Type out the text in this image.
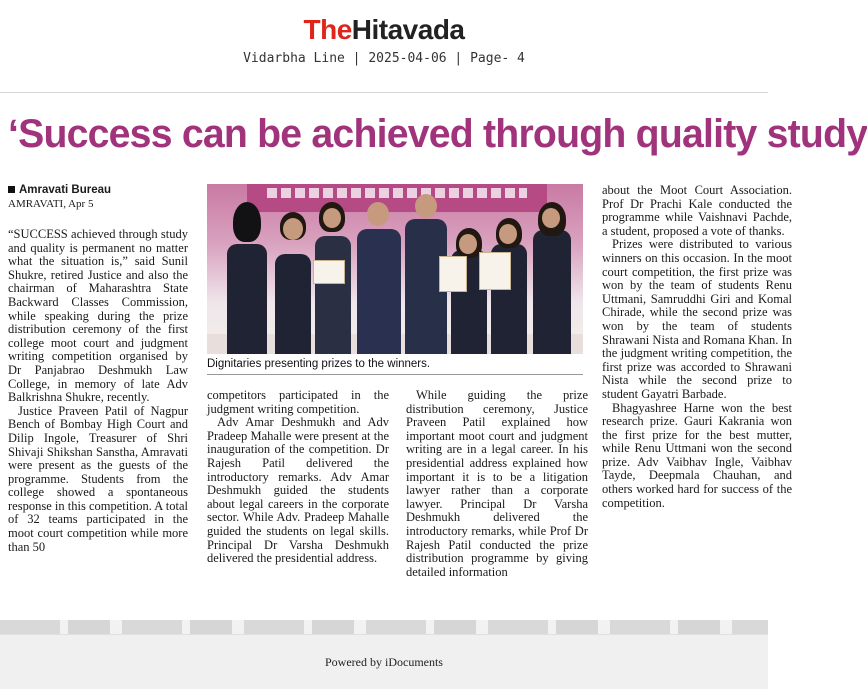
TheHitavada
Vidarbha Line | 2025-04-06 | Page- 4
‘Success can be achieved through quality study
Amravati Bureau
AMRAVATI, Apr 5

“SUCCESS achieved through study and quality is permanent no matter what the situation is,” said Sunil Shukre, retired Justice and also the chairman of Maharashtra State Backward Classes Commission, while speaking during the prize distribution ceremony of the first college moot court and judgment writing competition organised by Dr Panjabrao Deshmukh Law College, in memory of late Adv Balkrishna Shukre, recently.

Justice Praveen Patil of Nagpur Bench of Bombay High Court and Dilip Ingole, Treasurer of Shri Shivaji Shikshan Sanstha, Amravati were present as the guests of the programme. Students from the college showed a spontaneous response in this competition. A total of 32 teams participated in the moot court competition while more than 50

Dignitaries presenting prizes to the winners.

competitors participated in the judgment writing competition.

Adv Amar Deshmukh and Adv Pradeep Mahalle were present at the inauguration of the competition. Dr Rajesh Patil delivered the introductory remarks. Adv Amar Deshmukh guided the students about legal careers in the corporate sector. While Adv. Pradeep Mahalle guided the students on legal skills. Principal Dr Varsha Deshmukh delivered the presidential address.

While guiding the prize distribution ceremony, Justice Praveen Patil explained how important moot court and judgment writing are in a legal career. In his presidential address explained how important it is to be a litigation lawyer rather than a corporate lawyer. Principal Dr Varsha Deshmukh delivered the introductory remarks, while Prof Dr Rajesh Patil conducted the prize distribution programme by giving detailed information

about the Moot Court Association. Prof Dr Prachi Kale conducted the programme while Vaishnavi Pachde, a student, proposed a vote of thanks.

Prizes were distributed to various winners on this occasion. In the moot court competition, the first prize was won by the team of students Renu Uttmani, Samruddhi Giri and Komal Chirade, while the second prize was won by the team of students Shrawani Nista and Romana Khan. In the judgment writing competition, the first prize was accorded to Shrawani Nista while the second prize to student Gayatri Barbade.

Bhagyashree Harne won the best research prize. Gauri Kakrania won the first prize for the best mutter, while Renu Uttmani won the second prize. Adv Vaibhav Ingle, Vaibhav Tayde, Deepmala Chauhan, and others worked hard for success of the competition.

Powered by iDocuments
